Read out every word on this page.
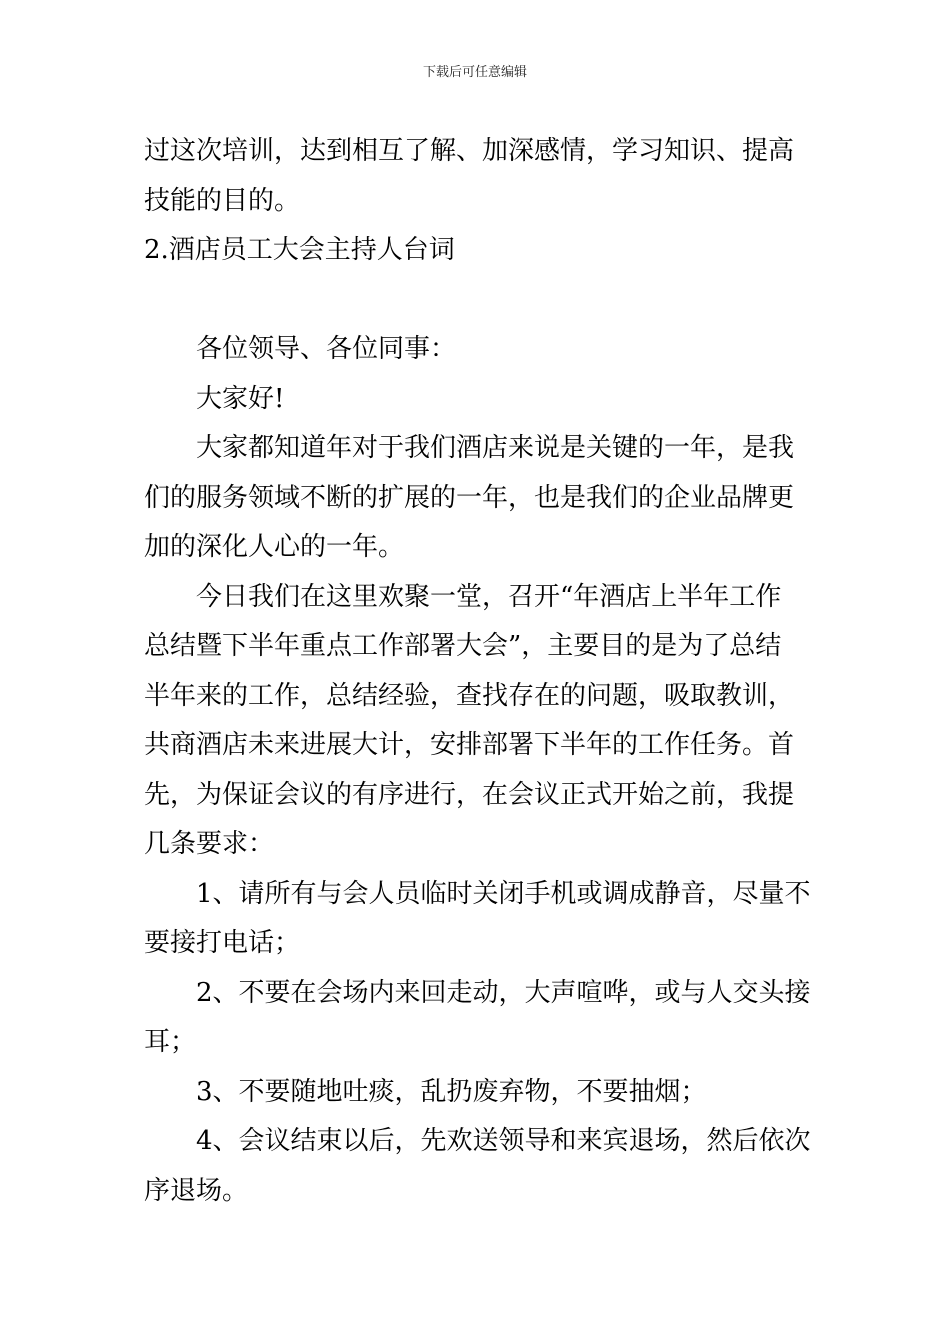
下载后可任意编辑
过这次培训，达到相互了解、加深感情，学习知识、提高
技能的目的。
2.酒店员工大会主持人台词
各位领导、各位同事：
大家好!
大家都知道年对于我们酒店来说是关键的一年，是我
们的服务领域不断的扩展的一年，也是我们的企业品牌更
加的深化人心的一年。
今日我们在这里欢聚一堂，召开“年酒店上半年工作
总结暨下半年重点工作部署大会”，主要目的是为了总结
半年来的工作，总结经验，查找存在的问题，吸取教训，
共商酒店未来进展大计，安排部署下半年的工作任务。首
先，为保证会议的有序进行，在会议正式开始之前，我提
几条要求：
1、请所有与会人员临时关闭手机或调成静音，尽量不
要接打电话；
2、不要在会场内来回走动，大声喧哗，或与人交头接
耳；
3、不要随地吐痰，乱扔废弃物，不要抽烟；
4、会议结束以后，先欢送领导和来宾退场，然后依次
序退场。
